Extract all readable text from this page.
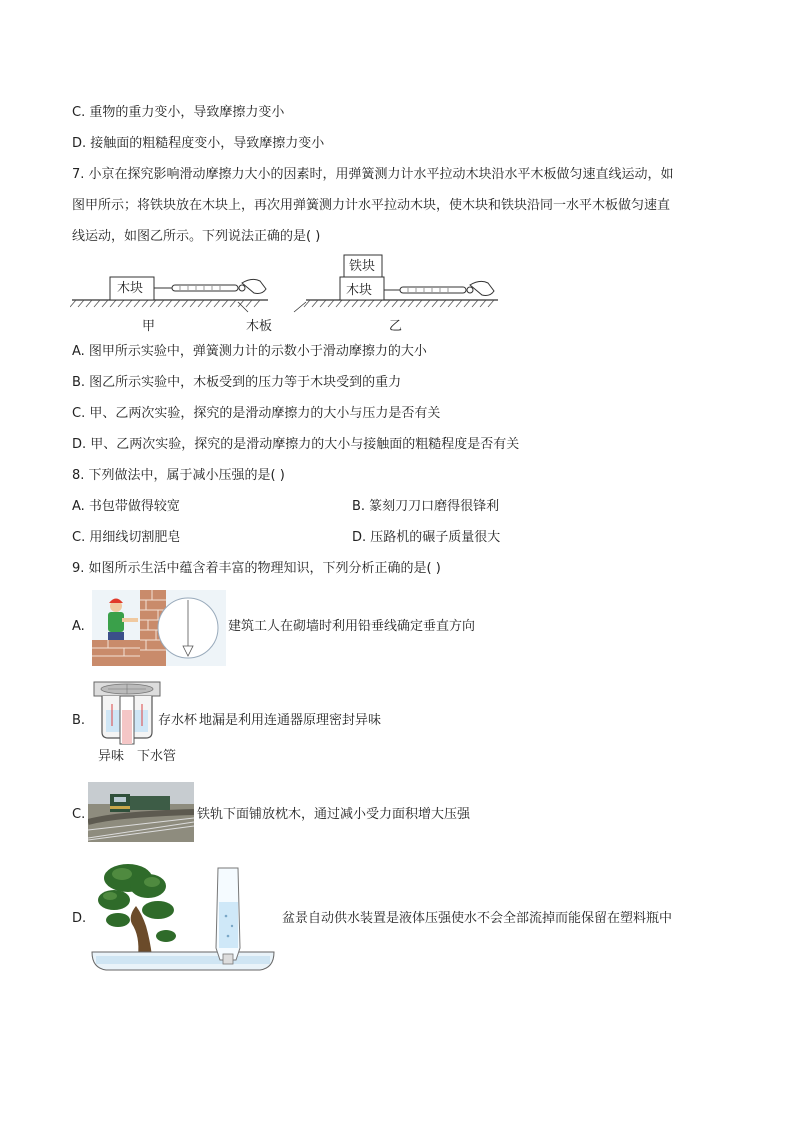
C. 重物的重力变小，导致摩擦力变小
D. 接触面的粗糙程度变小，导致摩擦力变小
7. 小京在探究影响滑动摩擦力大小的因素时，用弹簧测力计水平拉动木块沿水平木板做匀速直线运动，如
图甲所示；将铁块放在木块上，再次用弹簧测力计水平拉动木块，使木块和铁块沿同一水平木板做匀速直
线运动，如图乙所示。下列说法正确的是( )
木块
铁块
木块
甲	木板	乙
A. 图甲所示实验中，弹簧测力计的示数小于滑动摩擦力的大小
B. 图乙所示实验中，木板受到的压力等于木块受到的重力
C. 甲、乙两次实验，探究的是滑动摩擦力的大小与压力是否有关
D. 甲、乙两次实验，探究的是滑动摩擦力的大小与接触面的粗糙程度是否有关
8. 下列做法中，属于减小压强的是( )
A. 书包带做得较宽	B. 篆刻刀刀口磨得很锋利
C. 用细线切割肥皂	D. 压路机的碾子质量很大
9. 如图所示生活中蕴含着丰富的物理知识，下列分析正确的是( )
A.	建筑工人在砌墙时利用铅垂线确定垂直方向
B.	存水杯 地漏是利用连通器原理密封异味
异味 下水管
C.	铁轨下面铺放枕木，通过减小受力面积增大压强
D.	盆景自动供水装置是液体压强使水不会全部流掉而能保留在塑料瓶中
